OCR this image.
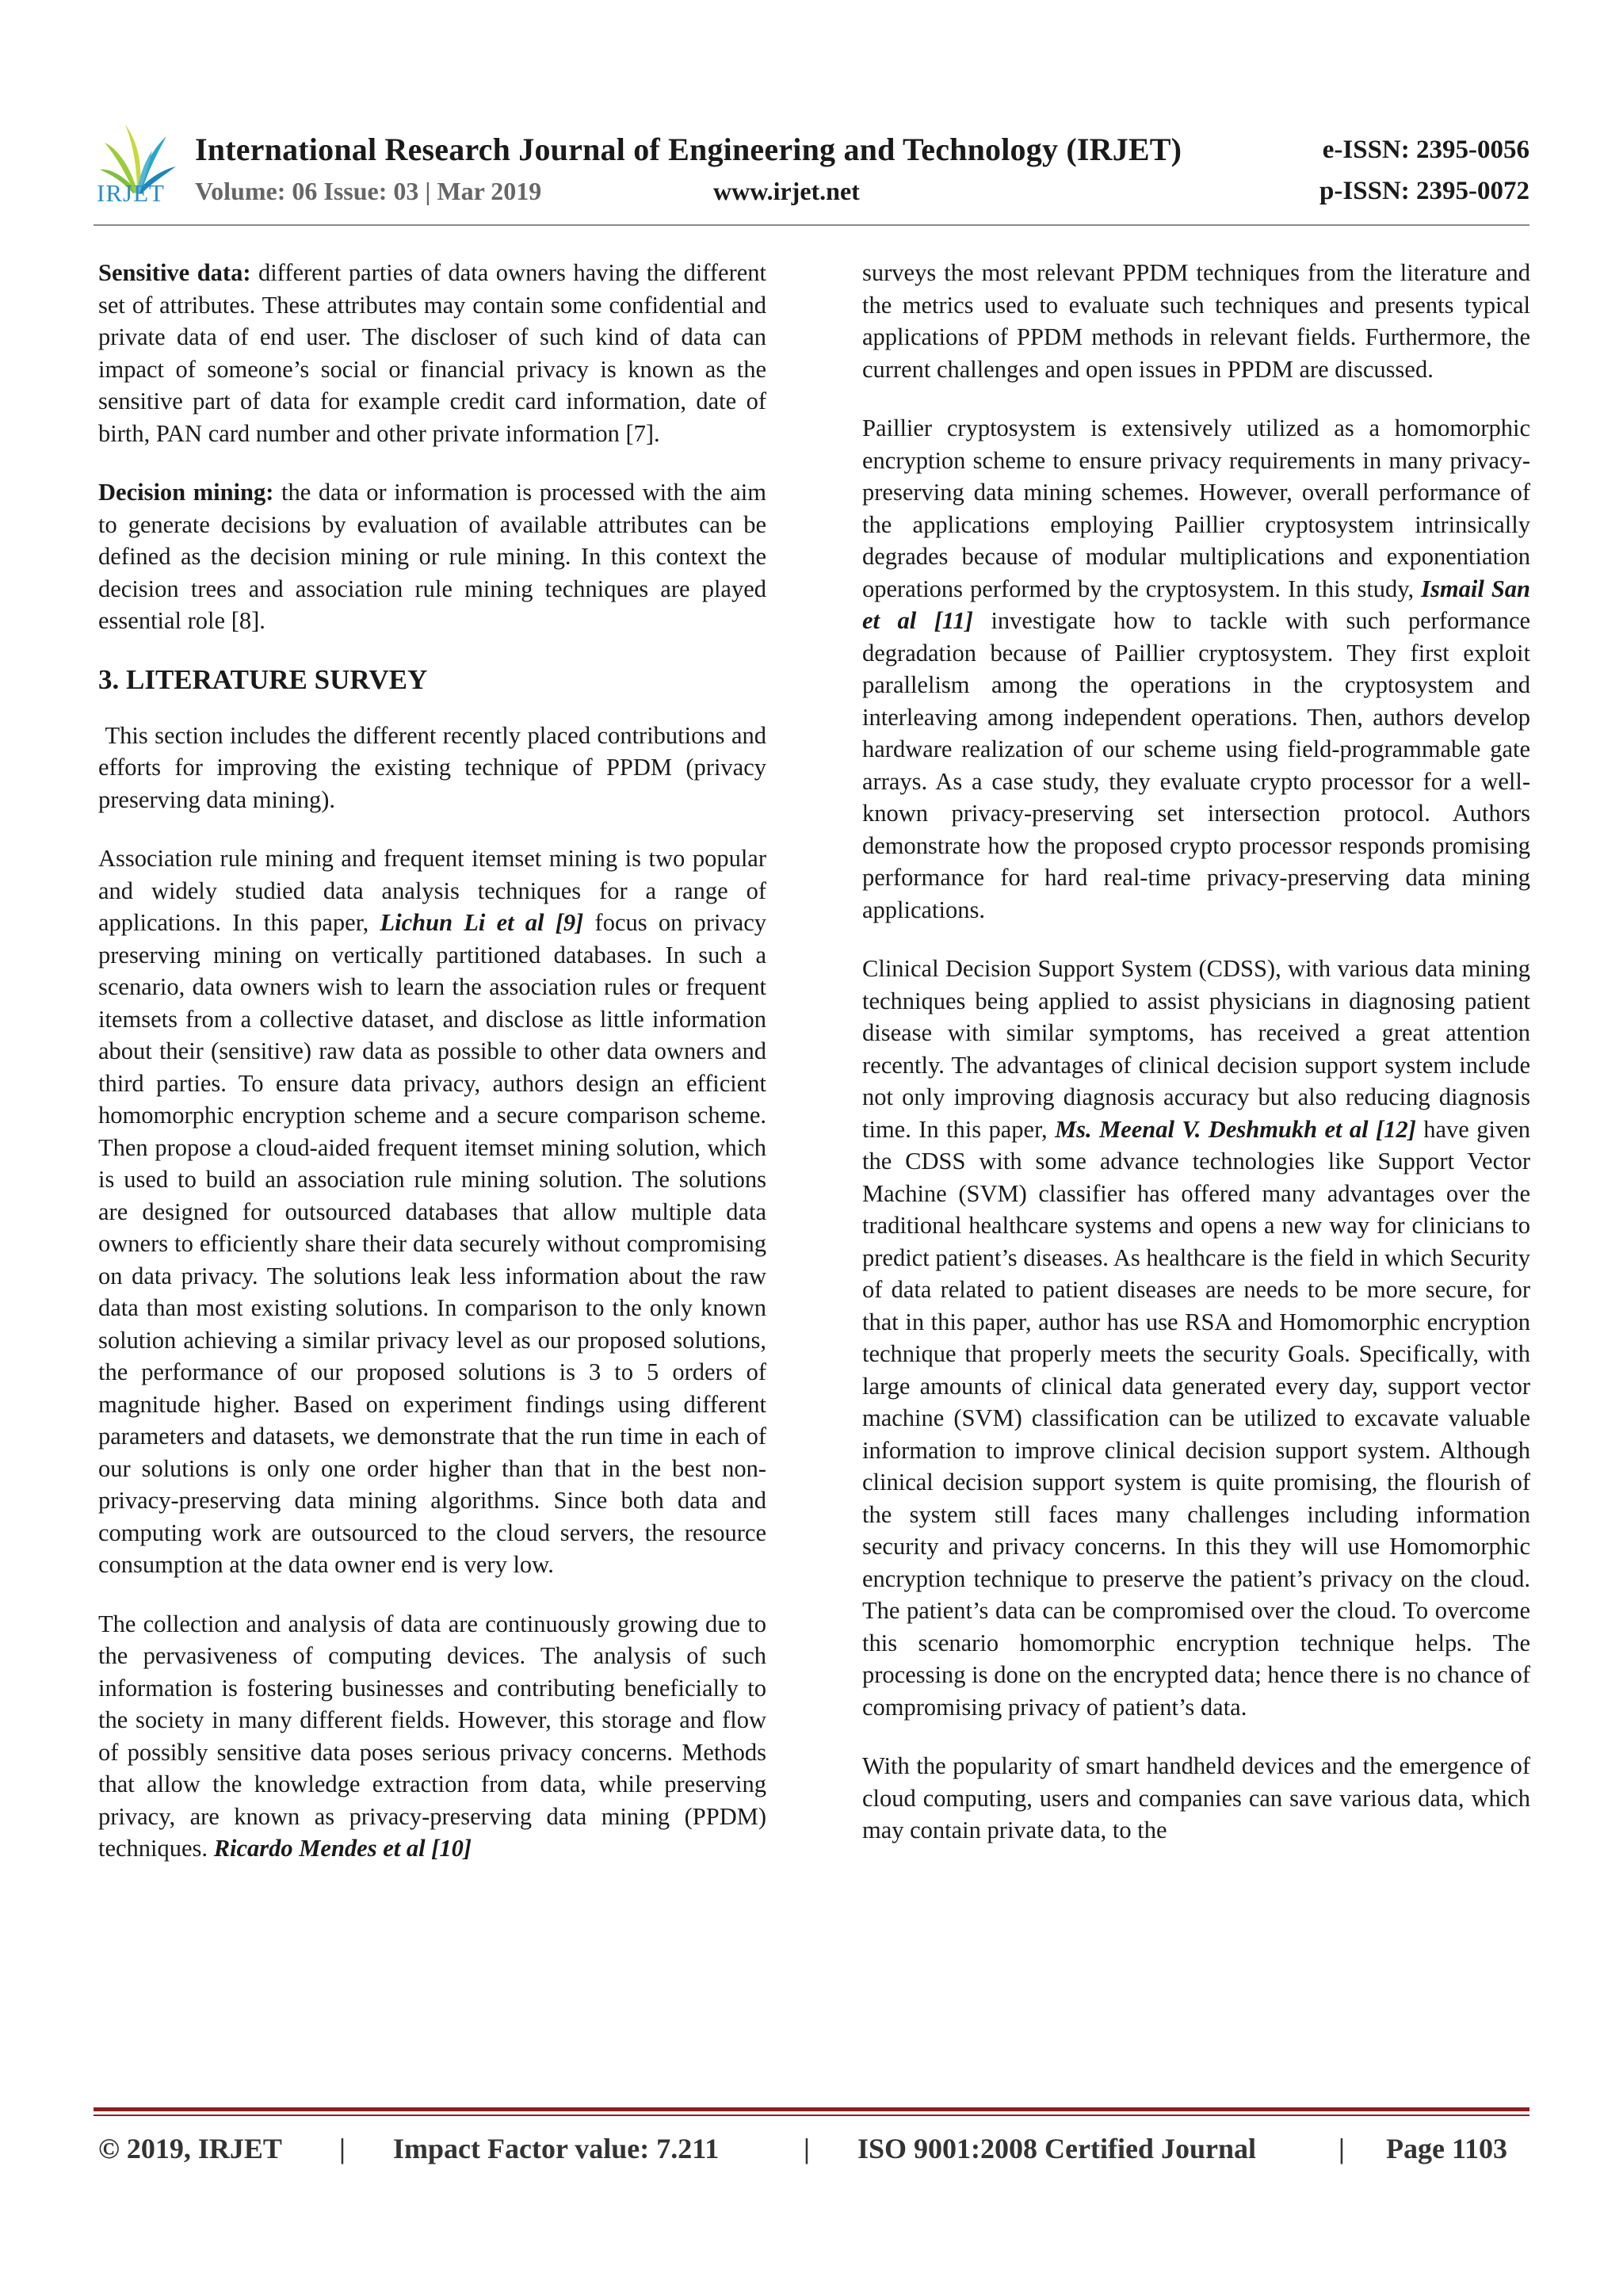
IRJET
International Research Journal of Engineering and Technology (IRJET)
Volume: 06 Issue: 03 | Mar 2019	www.irjet.net
e-ISSN: 2395-0056
p-ISSN: 2395-0072

Sensitive data: different parties of data owners having the different set of attributes. These attributes may contain some confidential and private data of end user. The discloser of such kind of data can impact of someone’s social or financial privacy is known as the sensitive part of data for example credit card information, date of birth, PAN card number and other private information [7].

Decision mining: the data or information is processed with the aim to generate decisions by evaluation of available attributes can be defined as the decision mining or rule mining. In this context the decision trees and association rule mining techniques are played essential role [8].

3. LITERATURE SURVEY

This section includes the different recently placed contributions and efforts for improving the existing technique of PPDM (privacy preserving data mining).

Association rule mining and frequent itemset mining is two popular and widely studied data analysis techniques for a range of applications. In this paper, Lichun Li et al [9] focus on privacy preserving mining on vertically partitioned databases. In such a scenario, data owners wish to learn the association rules or frequent itemsets from a collective dataset, and disclose as little information about their (sensitive) raw data as possible to other data owners and third parties. To ensure data privacy, authors design an efficient homomorphic encryption scheme and a secure comparison scheme. Then propose a cloud-aided frequent itemset mining solution, which is used to build an association rule mining solution. The solutions are designed for outsourced databases that allow multiple data owners to efficiently share their data securely without compromising on data privacy. The solutions leak less information about the raw data than most existing solutions. In comparison to the only known solution achieving a similar privacy level as our proposed solutions, the performance of our proposed solutions is 3 to 5 orders of magnitude higher. Based on experiment findings using different parameters and datasets, we demonstrate that the run time in each of our solutions is only one order higher than that in the best non-privacy-preserving data mining algorithms. Since both data and computing work are outsourced to the cloud servers, the resource consumption at the data owner end is very low.

The collection and analysis of data are continuously growing due to the pervasiveness of computing devices. The analysis of such information is fostering businesses and contributing beneficially to the society in many different fields. However, this storage and flow of possibly sensitive data poses serious privacy concerns. Methods that allow the knowledge extraction from data, while preserving privacy, are known as privacy-preserving data mining (PPDM) techniques. Ricardo Mendes et al [10]

surveys the most relevant PPDM techniques from the literature and the metrics used to evaluate such techniques and presents typical applications of PPDM methods in relevant fields. Furthermore, the current challenges and open issues in PPDM are discussed.

Paillier cryptosystem is extensively utilized as a homomorphic encryption scheme to ensure privacy requirements in many privacy-preserving data mining schemes. However, overall performance of the applications employing Paillier cryptosystem intrinsically degrades because of modular multiplications and exponentiation operations performed by the cryptosystem. In this study, Ismail San et al [11] investigate how to tackle with such performance degradation because of Paillier cryptosystem. They first exploit parallelism among the operations in the cryptosystem and interleaving among independent operations. Then, authors develop hardware realization of our scheme using field-programmable gate arrays. As a case study, they evaluate crypto processor for a well-known privacy-preserving set intersection protocol. Authors demonstrate how the proposed crypto processor responds promising performance for hard real-time privacy-preserving data mining applications.

Clinical Decision Support System (CDSS), with various data mining techniques being applied to assist physicians in diagnosing patient disease with similar symptoms, has received a great attention recently. The advantages of clinical decision support system include not only improving diagnosis accuracy but also reducing diagnosis time. In this paper, Ms. Meenal V. Deshmukh et al [12] have given the CDSS with some advance technologies like Support Vector Machine (SVM) classifier has offered many advantages over the traditional healthcare systems and opens a new way for clinicians to predict patient’s diseases. As healthcare is the field in which Security of data related to patient diseases are needs to be more secure, for that in this paper, author has use RSA and Homomorphic encryption technique that properly meets the security Goals. Specifically, with large amounts of clinical data generated every day, support vector machine (SVM) classification can be utilized to excavate valuable information to improve clinical decision support system. Although clinical decision support system is quite promising, the flourish of the system still faces many challenges including information security and privacy concerns. In this they will use Homomorphic encryption technique to preserve the patient’s privacy on the cloud. The patient’s data can be compromised over the cloud. To overcome this scenario homomorphic encryption technique helps. The processing is done on the encrypted data; hence there is no chance of compromising privacy of patient’s data.

With the popularity of smart handheld devices and the emergence of cloud computing, users and companies can save various data, which may contain private data, to the

© 2019, IRJET | Impact Factor value: 7.211	| ISO 9001:2008 Certified Journal	| Page 1103
